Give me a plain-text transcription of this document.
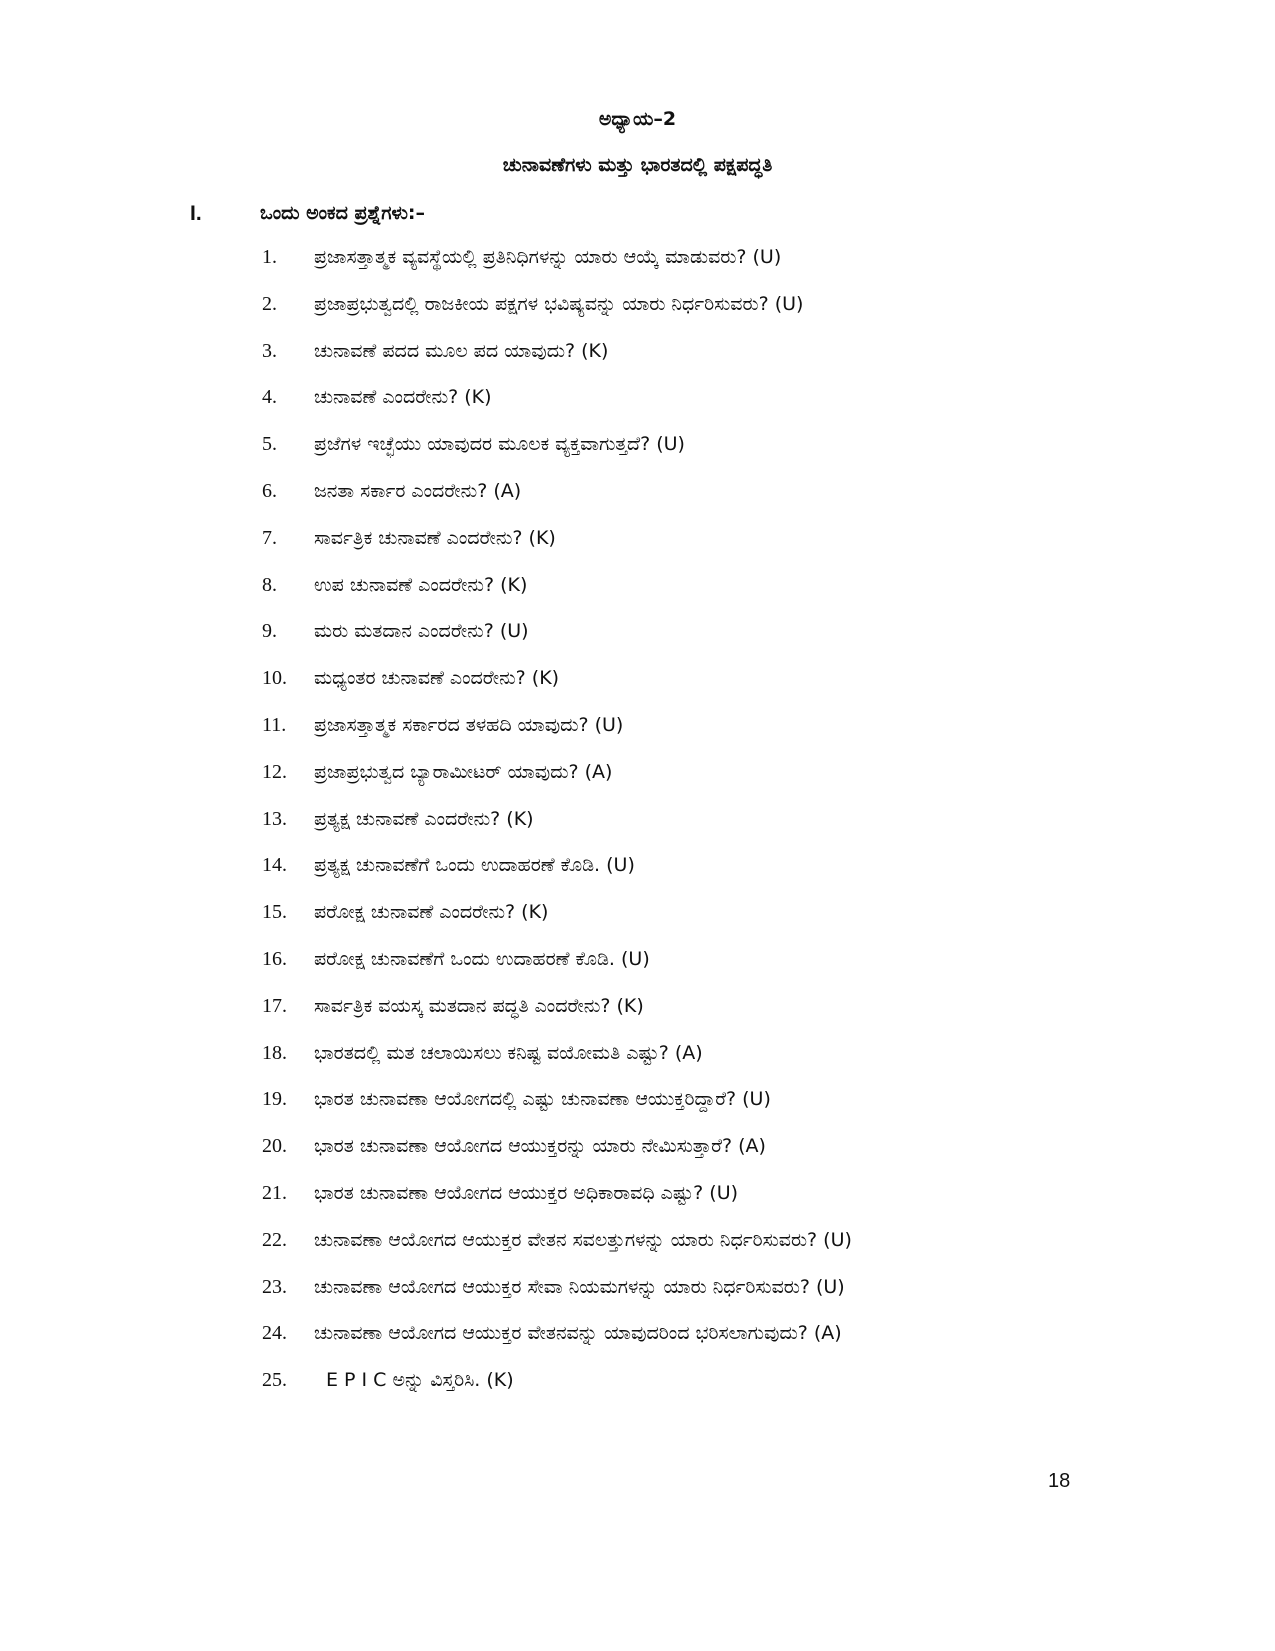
ಅಧ್ಯಾಯ–2
ಚುನಾವಣೆಗಳು ಮತ್ತು ಭಾರತದಲ್ಲಿ ಪಕ್ಷಪದ್ಧತಿ
I.	ಒಂದು ಅಂಕದ ಪ್ರಶ್ನೆಗಳು:–
1. ಪ್ರಜಾಸತ್ತಾತ್ಮಕ ವ್ಯವಸ್ಥೆಯಲ್ಲಿ ಪ್ರತಿನಿಧಿಗಳನ್ನು ಯಾರು ಆಯ್ಕೆ ಮಾಡುವರು? (U)
2. ಪ್ರಜಾಪ್ರಭುತ್ವದಲ್ಲಿ ರಾಜಕೀಯ ಪಕ್ಷಗಳ ಭವಿಷ್ಯವನ್ನು ಯಾರು ನಿರ್ಧರಿಸುವರು? (U)
3. ಚುನಾವಣೆ ಪದದ ಮೂಲ ಪದ ಯಾವುದು? (K)
4. ಚುನಾವಣೆ ಎಂದರೇನು? (K)
5. ಪ್ರಜೆಗಳ ಇಚ್ಛೆಯು ಯಾವುದರ ಮೂಲಕ ವ್ಯಕ್ತವಾಗುತ್ತದೆ? (U)
6. ಜನತಾ ಸರ್ಕಾರ ಎಂದರೇನು? (A)
7. ಸಾರ್ವತ್ರಿಕ ಚುನಾವಣೆ ಎಂದರೇನು? (K)
8. ಉಪ ಚುನಾವಣೆ ಎಂದರೇನು? (K)
9. ಮರು ಮತದಾನ ಎಂದರೇನು? (U)
10. ಮಧ್ಯಂತರ ಚುನಾವಣೆ ಎಂದರೇನು? (K)
11. ಪ್ರಜಾಸತ್ತಾತ್ಮಕ ಸರ್ಕಾರದ ತಳಹದಿ ಯಾವುದು? (U)
12. ಪ್ರಜಾಪ್ರಭುತ್ವದ ಬ್ಯಾರಾಮೀಟರ್ ಯಾವುದು? (A)
13. ಪ್ರತ್ಯಕ್ಷ ಚುನಾವಣೆ ಎಂದರೇನು? (K)
14. ಪ್ರತ್ಯಕ್ಷ ಚುನಾವಣೆಗೆ ಒಂದು ಉದಾಹರಣೆ ಕೊಡಿ. (U)
15. ಪರೋಕ್ಷ ಚುನಾವಣೆ ಎಂದರೇನು? (K)
16. ಪರೋಕ್ಷ ಚುನಾವಣೆಗೆ ಒಂದು ಉದಾಹರಣೆ ಕೊಡಿ. (U)
17. ಸಾರ್ವತ್ರಿಕ ವಯಸ್ಕ ಮತದಾನ ಪದ್ಧತಿ ಎಂದರೇನು? (K)
18. ಭಾರತದಲ್ಲಿ ಮತ ಚಲಾಯಿಸಲು ಕನಿಷ್ಟ ವಯೋಮತಿ ಎಷ್ಟು? (A)
19. ಭಾರತ ಚುನಾವಣಾ ಆಯೋಗದಲ್ಲಿ ಎಷ್ಟು ಚುನಾವಣಾ ಆಯುಕ್ತರಿದ್ದಾರೆ? (U)
20. ಭಾರತ ಚುನಾವಣಾ ಆಯೋಗದ ಆಯುಕ್ತರನ್ನು ಯಾರು ನೇಮಿಸುತ್ತಾರೆ? (A)
21. ಭಾರತ ಚುನಾವಣಾ ಆಯೋಗದ ಆಯುಕ್ತರ ಅಧಿಕಾರಾವಧಿ ಎಷ್ಟು? (U)
22. ಚುನಾವಣಾ ಆಯೋಗದ ಆಯುಕ್ತರ ವೇತನ ಸವಲತ್ತುಗಳನ್ನು ಯಾರು ನಿರ್ಧರಿಸುವರು? (U)
23. ಚುನಾವಣಾ ಆಯೋಗದ ಆಯುಕ್ತರ ಸೇವಾ ನಿಯಮಗಳನ್ನು ಯಾರು ನಿರ್ಧರಿಸುವರು? (U)
24. ಚುನಾವಣಾ ಆಯೋಗದ ಆಯುಕ್ತರ ವೇತನವನ್ನು ಯಾವುದರಿಂದ ಭರಿಸಲಾಗುವುದು? (A)
25. E P I C ಅನ್ನು ವಿಸ್ತರಿಸಿ. (K)
18
